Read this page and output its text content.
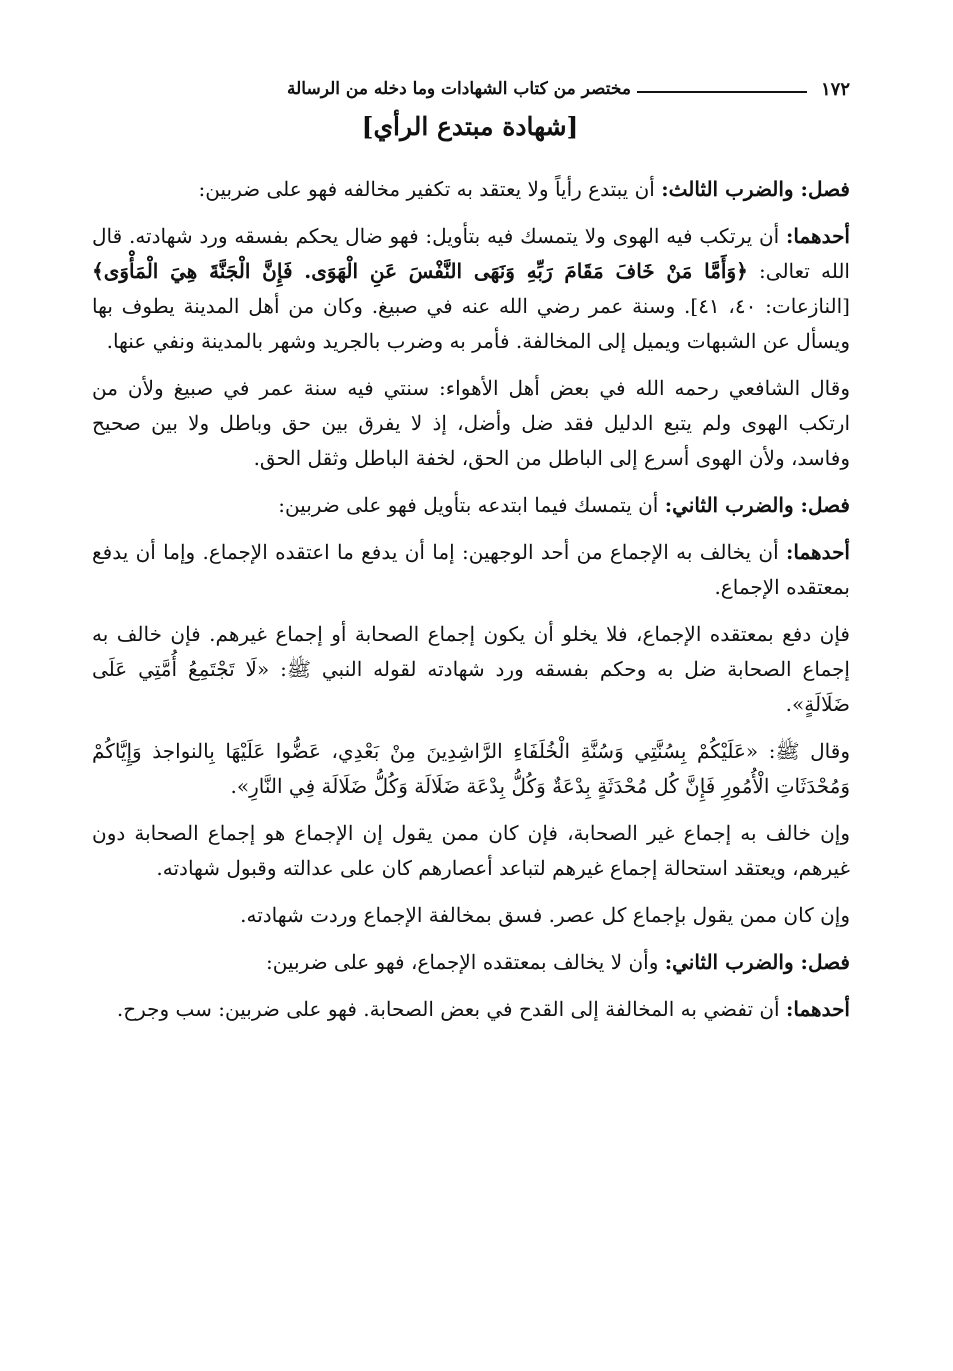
١٧٢
مختصر من كتاب الشهادات وما دخله من الرسالة
[شهادة مبتدع الرأي]

فصل: والضرب الثالث: أن يبتدع رأياً ولا يعتقد به تكفير مخالفه فهو على ضربين:

أحدهما: أن يرتكب فيه الهوى ولا يتمسك فيه بتأويل: فهو ضال يحكم بفسقه ورد شهادته. قال الله تعالى: ﴿وَأَمَّا مَنْ خَافَ مَقَامَ رَبِّهِ وَنَهَى النَّفْسَ عَنِ الْهَوَى. فَإِنَّ الْجَنَّةَ هِيَ الْمَأْوَى﴾ [النازعات: ٤٠، ٤١]. وسنة عمر رضي الله عنه في صبيغ. وكان من أهل المدينة يطوف بها ويسأل عن الشبهات ويميل إلى المخالفة. فأمر به وضرب بالجريد وشهر بالمدينة ونفي عنها.

وقال الشافعي رحمه الله في بعض أهل الأهواء: سنتي فيه سنة عمر في صبيغ ولأن من ارتكب الهوى ولم يتبع الدليل فقد ضل وأضل، إذ لا يفرق بين حق وباطل ولا بين صحيح وفاسد، ولأن الهوى أسرع إلى الباطل من الحق، لخفة الباطل وثقل الحق.

فصل: والضرب الثاني: أن يتمسك فيما ابتدعه بتأويل فهو على ضربين:

أحدهما: أن يخالف به الإجماع من أحد الوجهين: إما أن يدفع ما اعتقده الإجماع. وإما أن يدفع بمعتقده الإجماع.

فإن دفع بمعتقده الإجماع، فلا يخلو أن يكون إجماع الصحابة أو إجماع غيرهم. فإن خالف به إجماع الصحابة ضل به وحكم بفسقه ورد شهادته لقوله النبي ﷺ: «لَا تَجْتَمِعُ أُمَّتِي عَلَى ضَلَالَةٍ».

وقال ﷺ: «عَلَيْكُمْ بِسُنَّتِي وَسُنَّةِ الْخُلَفَاءِ الرَّاشِدِينَ مِنْ بَعْدِي، عَضُّوا عَلَيْهَا بِالنواجذ وَإِيَّاكُمْ وَمُحْدَثَاتِ الْأُمُورِ فَإِنَّ كُل مُحْدَثَةٍ بِدْعَةٌ وَكُلُّ بِدْعَة ضَلَالَة وَكُلُّ ضَلَالَة فِي النَّارِ».

وإن خالف به إجماع غير الصحابة، فإن كان ممن يقول إن الإجماع هو إجماع الصحابة دون غيرهم، ويعتقد استحالة إجماع غيرهم لتباعد أعصارهم كان على عدالته وقبول شهادته.

وإن كان ممن يقول بإجماع كل عصر. فسق بمخالفة الإجماع وردت شهادته.

فصل: والضرب الثاني: وأن لا يخالف بمعتقده الإجماع، فهو على ضربين:

أحدهما: أن تفضي به المخالفة إلى القدح في بعض الصحابة. فهو على ضربين: سب وجرح.
